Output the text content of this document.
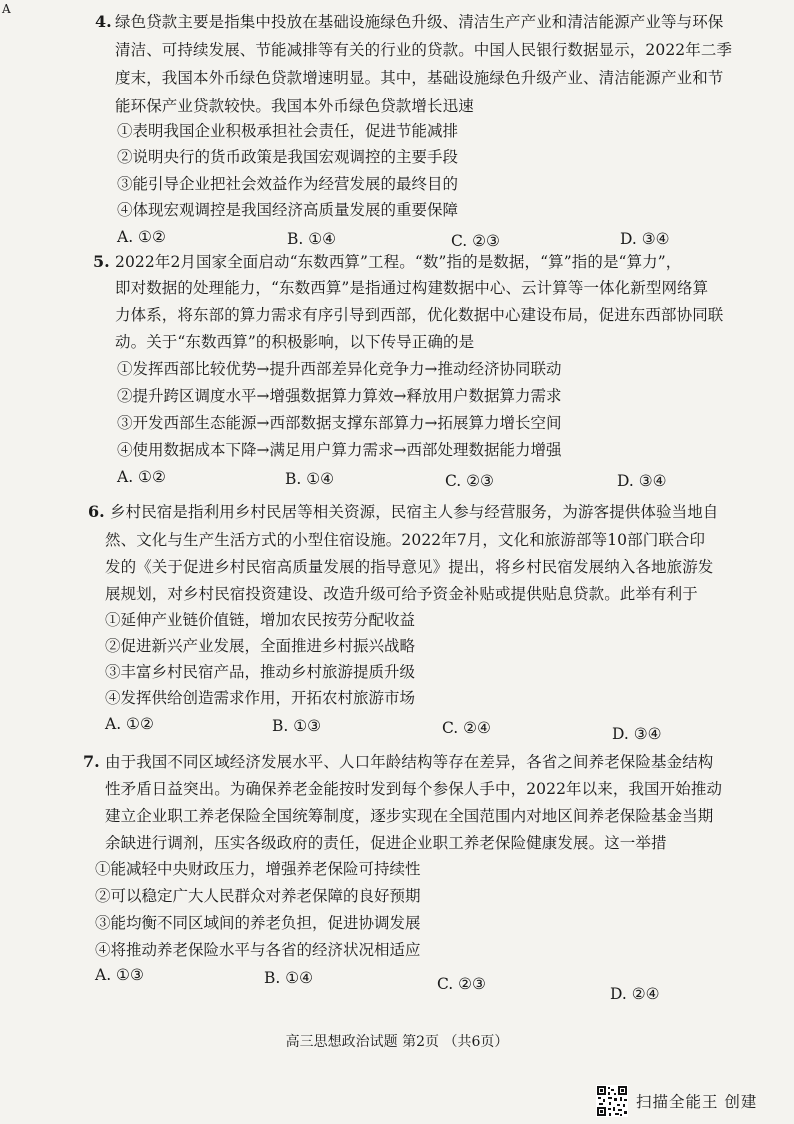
A
4. 绿色贷款主要是指集中投放在基础设施绿色升级、清洁生产产业和清洁能源产业等与环保
清洁、可持续发展、节能减排等有关的行业的贷款。中国人民银行数据显示，2022年二季
度末，我国本外币绿色贷款增速明显。其中，基础设施绿色升级产业、清洁能源产业和节
能环保产业贷款较快。我国本外币绿色贷款增长迅速
①表明我国企业积极承担社会责任，促进节能减排
②说明央行的货币政策是我国宏观调控的主要手段
③能引导企业把社会效益作为经营发展的最终目的
④体现宏观调控是我国经济高质量发展的重要保障
A. ①②	B. ①④	C. ②③	D. ③④
5. 2022年2月国家全面启动“东数西算”工程。“数”指的是数据，“算”指的是“算力”，
即对数据的处理能力，“东数西算”是指通过构建数据中心、云计算等一体化新型网络算
力体系，将东部的算力需求有序引导到西部，优化数据中心建设布局，促进东西部协同联
动。关于“东数西算”的积极影响，以下传导正确的是
①发挥西部比较优势→提升西部差异化竞争力→推动经济协同联动
②提升跨区调度水平→增强数据算力算效→释放用户数据算力需求
③开发西部生态能源→西部数据支撑东部算力→拓展算力增长空间
④使用数据成本下降→满足用户算力需求→西部处理数据能力增强
A. ①②	B. ①④	C. ②③	D. ③④
6. 乡村民宿是指利用乡村民居等相关资源，民宿主人参与经营服务，为游客提供体验当地自
然、文化与生产生活方式的小型住宿设施。2022年7月，文化和旅游部等10部门联合印
发的《关于促进乡村民宿高质量发展的指导意见》提出，将乡村民宿发展纳入各地旅游发
展规划，对乡村民宿投资建设、改造升级可给予资金补贴或提供贴息贷款。此举有利于
①延伸产业链价值链，增加农民按劳分配收益
②促进新兴产业发展，全面推进乡村振兴战略
③丰富乡村民宿产品，推动乡村旅游提质升级
④发挥供给创造需求作用，开拓农村旅游市场
A. ①②	B. ①③	C. ②④	D. ③④
7. 由于我国不同区域经济发展水平、人口年龄结构等存在差异，各省之间养老保险基金结构
性矛盾日益突出。为确保养老金能按时发到每个参保人手中，2022年以来，我国开始推动
建立企业职工养老保险全国统筹制度，逐步实现在全国范围内对地区间养老保险基金当期
余缺进行调剂，压实各级政府的责任，促进企业职工养老保险健康发展。这一举措
①能减轻中央财政压力，增强养老保险可持续性
②可以稳定广大人民群众对养老保障的良好预期
③能均衡不同区域间的养老负担，促进协调发展
④将推动养老保险水平与各省的经济状况相适应
A. ①③	B. ①④	C. ②③
D. ②④
高三思想政治试题 第2页 （共6页）
扫描全能王 创建
